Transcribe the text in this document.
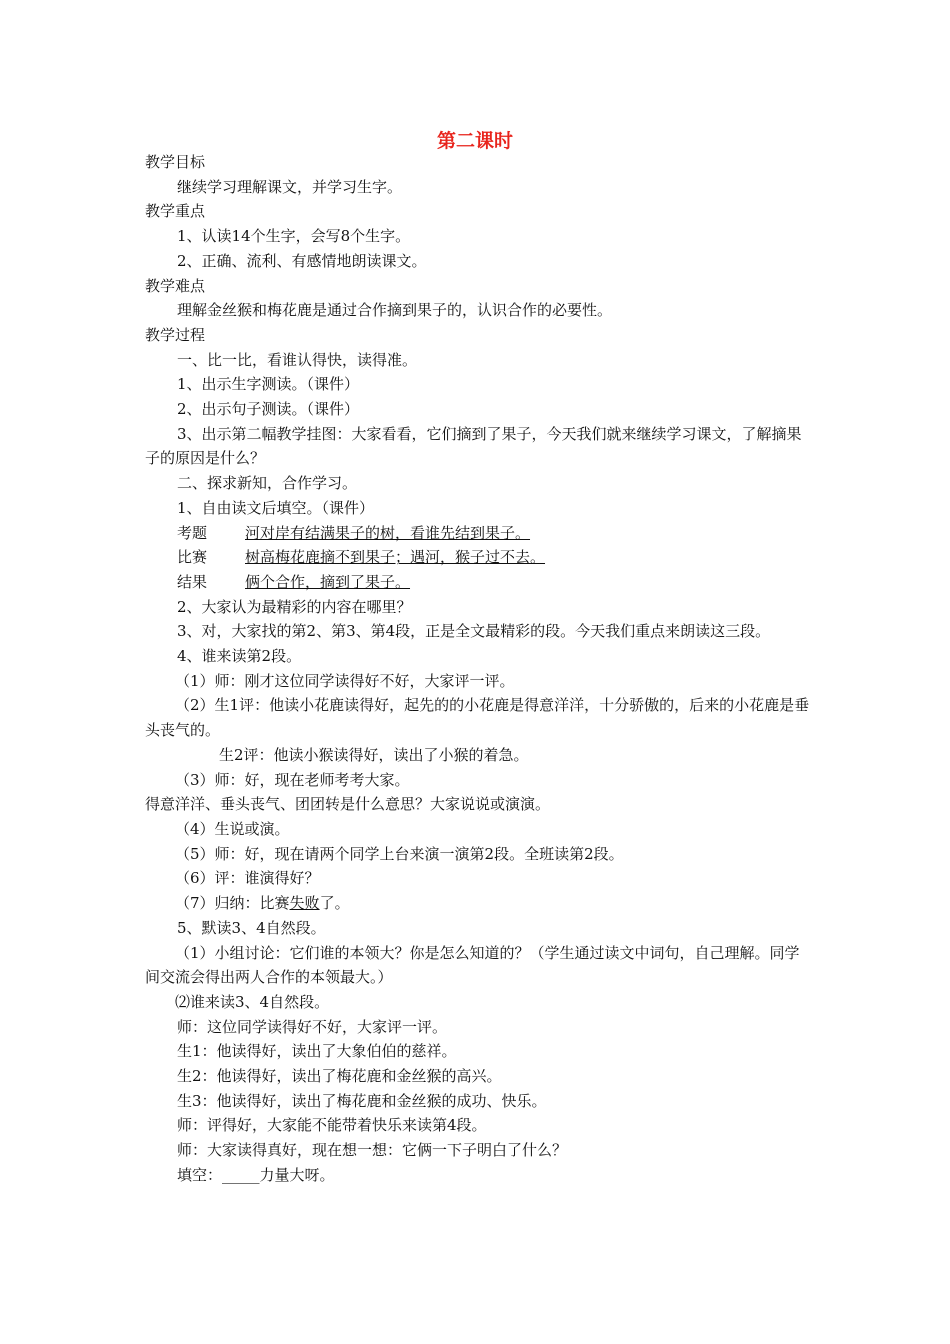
第二课时
教学目标
继续学习理解课文，并学习生字。
教学重点
1、认读14个生字，会写8个生字。
2、正确、流利、有感情地朗读课文。
教学难点
理解金丝猴和梅花鹿是通过合作摘到果子的，认识合作的必要性。
教学过程
一、比一比，看谁认得快，读得准。
1、出示生字测读。（课件）
2、出示句子测读。（课件）
3、出示第二幅教学挂图：大家看看，它们摘到了果子，今天我们就来继续学习课文，了解摘果子的原因是什么？
二、探求新知，合作学习。
1、自由读文后填空。（课件）
考题	河对岸有结满果子的树，看谁先结到果子。
比赛	树高梅花鹿摘不到果子；遇河，猴子过不去。
结果	俩个合作，摘到了果子。
2、大家认为最精彩的内容在哪里？
3、对，大家找的第2、第3、第4段，正是全文最精彩的段。今天我们重点来朗读这三段。
4、谁来读第2段。
（1）师：刚才这位同学读得好不好，大家评一评。
（2）生1评：他读小花鹿读得好，起先的的小花鹿是得意洋洋，十分骄傲的，后来的小花鹿是垂头丧气的。
生2评：他读小猴读得好，读出了小猴的着急。
（3）师：好，现在老师考考大家。
得意洋洋、垂头丧气、团团转是什么意思？大家说说或演演。
（4）生说或演。
（5）师：好，现在请两个同学上台来演一演第2段。全班读第2段。
（6）评：谁演得好？
（7）归纳：比赛失败了。
5、默读3、4自然段。
（1）小组讨论：它们谁的本领大？你是怎么知道的？（学生通过读文中词句，自己理解。同学间交流会得出两人合作的本领最大。）
⑵谁来读3、4自然段。
师：这位同学读得好不好，大家评一评。
生1：他读得好，读出了大象伯伯的慈祥。
生2：他读得好，读出了梅花鹿和金丝猴的高兴。
生3：他读得好，读出了梅花鹿和金丝猴的成功、快乐。
师：评得好，大家能不能带着快乐来读第4段。
师：大家读得真好，现在想一想：它俩一下子明白了什么？
填空：_____力量大呀。
